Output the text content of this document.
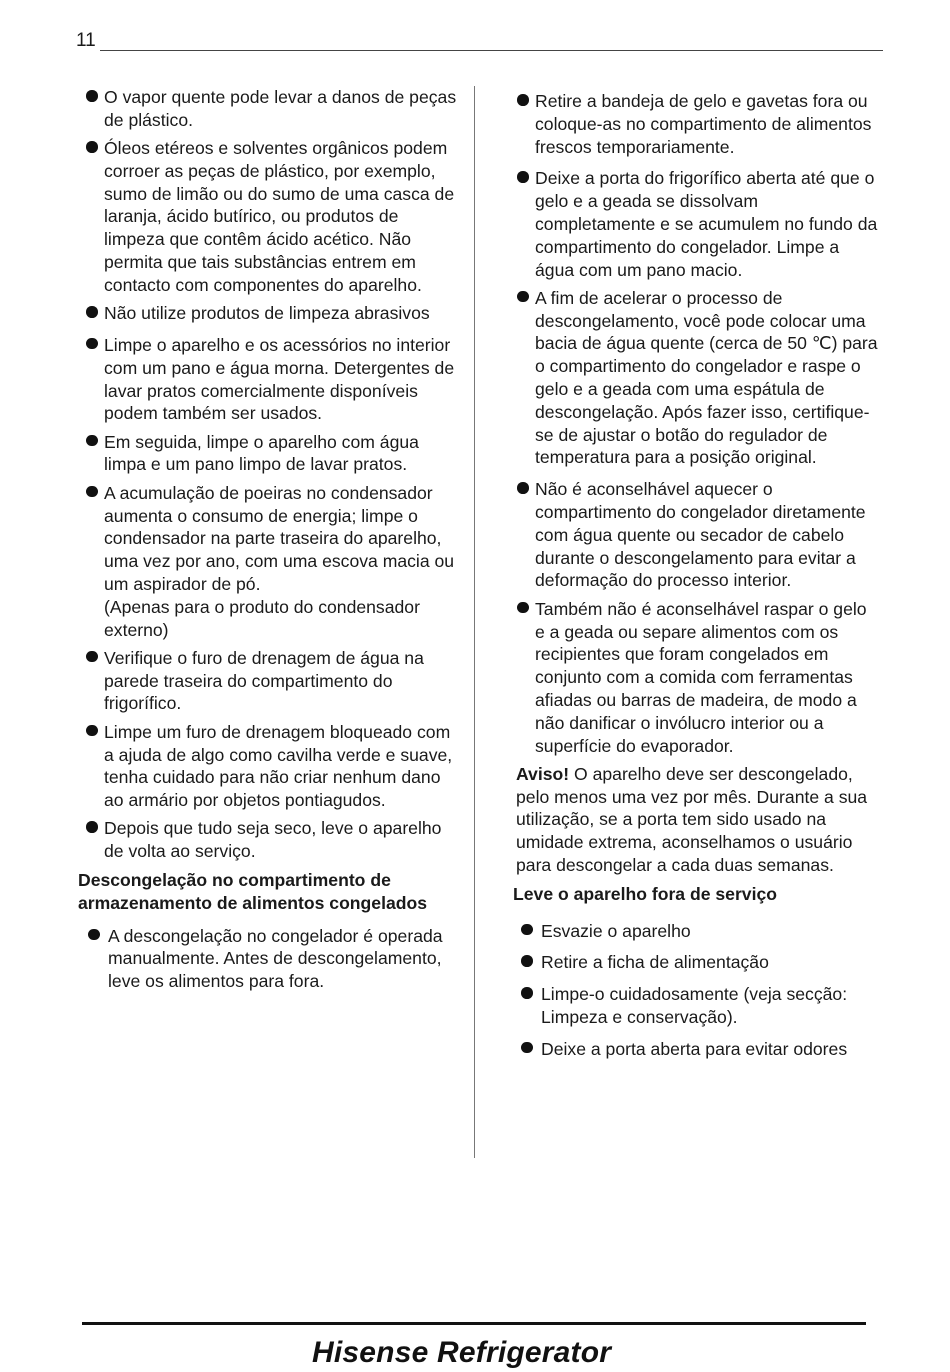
11

O vapor quente pode levar a danos de peças de plástico.

Óleos etéreos e solventes orgânicos podem corroer as peças de plástico, por exemplo, sumo de limão ou do sumo de uma casca de laranja, ácido butírico, ou produtos de limpeza que contêm ácido acético. Não permita que tais substâncias entrem em contacto com componentes do aparelho.

Não utilize produtos de limpeza abrasivos

Limpe o aparelho e os acessórios no interior com um pano e água morna. Detergentes de lavar pratos comercialmente disponíveis podem também ser usados.

Em seguida, limpe o aparelho com água limpa e um pano limpo de lavar pratos.

A acumulação de poeiras no condensador aumenta o consumo de energia; limpe o condensador na parte traseira do aparelho, uma vez por ano, com uma escova macia ou um aspirador de pó.

(Apenas para o produto do condensador externo)

Verifique o furo de drenagem de água na parede traseira do compartimento do frigorífico.

Limpe um furo de drenagem bloqueado com a ajuda de algo como cavilha verde e suave, tenha cuidado para não criar nenhum dano ao armário por objetos pontiagudos.

Depois que tudo seja seco, leve o aparelho de volta ao serviço.

Descongelação no compartimento de armazenamento de alimentos congelados

A descongelação no congelador é operada manualmente. Antes de descongelamento, leve os alimentos para fora.

Retire a bandeja de gelo e gavetas fora ou coloque-as no compartimento de alimentos frescos temporariamente.

Deixe a porta do frigorífico aberta até que o gelo e a geada se dissolvam completamente e se acumulem no fundo da compartimento do congelador. Limpe a água com um pano macio.

A fim de acelerar o processo de descongelamento, você pode colocar uma bacia de água quente (cerca de 50 ℃) para o compartimento do congelador e raspe o gelo e a geada com uma espátula de descongelação. Após fazer isso, certifique-se de ajustar o botão do regulador de temperatura para a posição original.

Não é aconselhável aquecer o compartimento do congelador diretamente com água quente ou secador de cabelo durante o descongelamento para evitar a deformação do processo interior.

Também não é aconselhável raspar o gelo e a geada ou separe alimentos com os recipientes que foram congelados em conjunto com a comida com ferramentas afiadas ou barras de madeira, de modo a não danificar o invólucro interior ou a superfície do evaporador.

Aviso! O aparelho deve ser descongelado, pelo menos uma vez por mês. Durante a sua utilização, se a porta tem sido usado na umidade extrema, aconselhamos o usuário para descongelar a cada duas semanas.

Leve o aparelho fora de serviço

Esvazie o aparelho

Retire a ficha de alimentação

Limpe-o cuidadosamente (veja secção: Limpeza e conservação).

Deixe a porta aberta para evitar odores

Hisense Refrigerator
